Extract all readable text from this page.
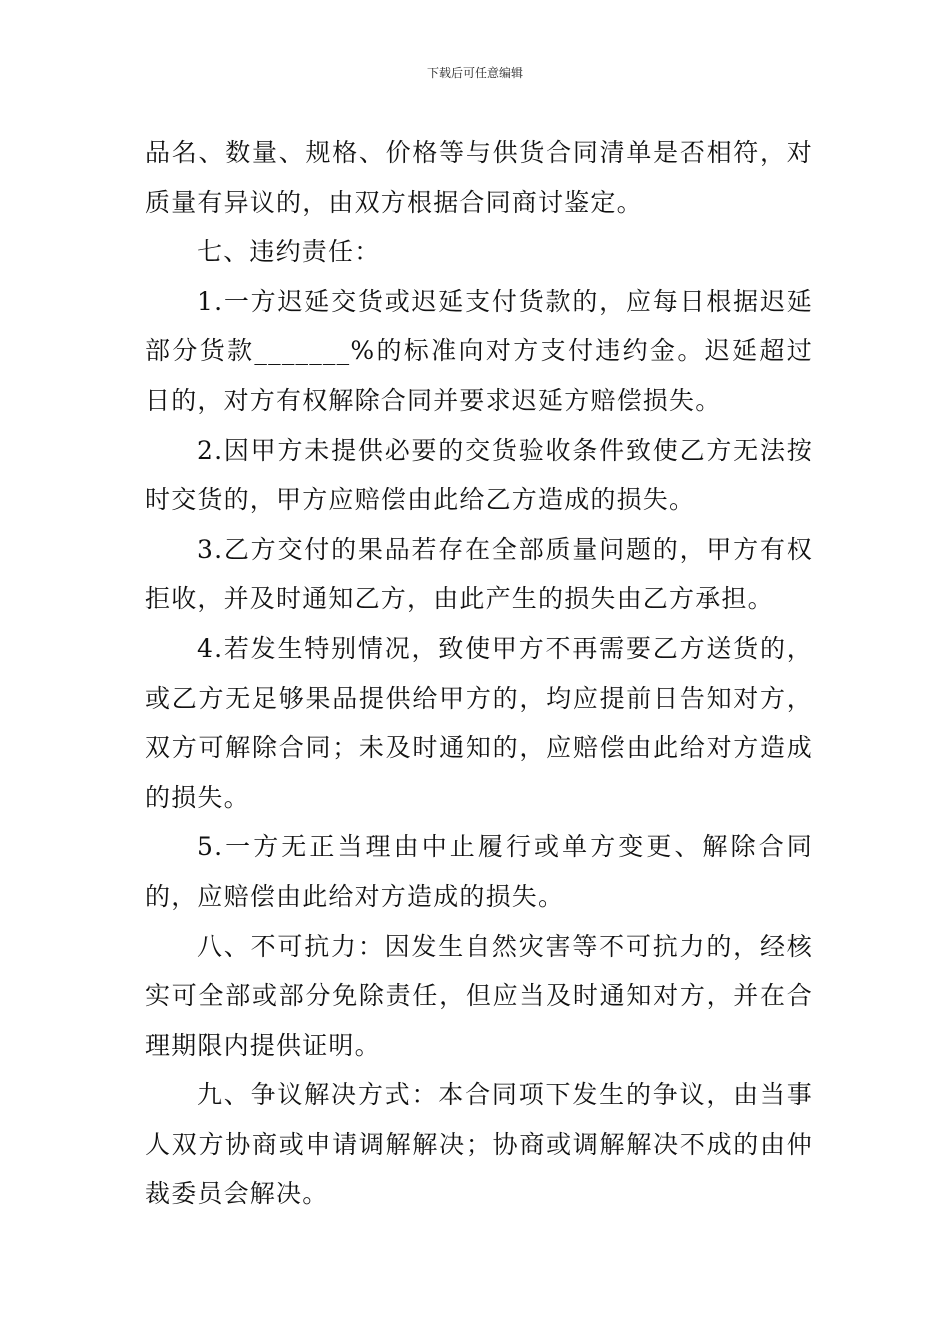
下载后可任意编辑

品名、数量、规格、价格等与供货合同清单是否相符，对质量有异议的，由双方根据合同商讨鉴定。

七、违约责任：

1.一方迟延交货或迟延支付货款的，应每日根据迟延部分货款_______%的标准向对方支付违约金。迟延超过日的，对方有权解除合同并要求迟延方赔偿损失。

2.因甲方未提供必要的交货验收条件致使乙方无法按时交货的，甲方应赔偿由此给乙方造成的损失。

3.乙方交付的果品若存在全部质量问题的，甲方有权拒收，并及时通知乙方，由此产生的损失由乙方承担。

4.若发生特别情况，致使甲方不再需要乙方送货的，或乙方无足够果品提供给甲方的，均应提前日告知对方，双方可解除合同；未及时通知的，应赔偿由此给对方造成的损失。

5.一方无正当理由中止履行或单方变更、解除合同的，应赔偿由此给对方造成的损失。

八、不可抗力：因发生自然灾害等不可抗力的，经核实可全部或部分免除责任，但应当及时通知对方，并在合理期限内提供证明。

九、争议解决方式：本合同项下发生的争议，由当事人双方协商或申请调解解决；协商或调解解决不成的由仲裁委员会解决。
